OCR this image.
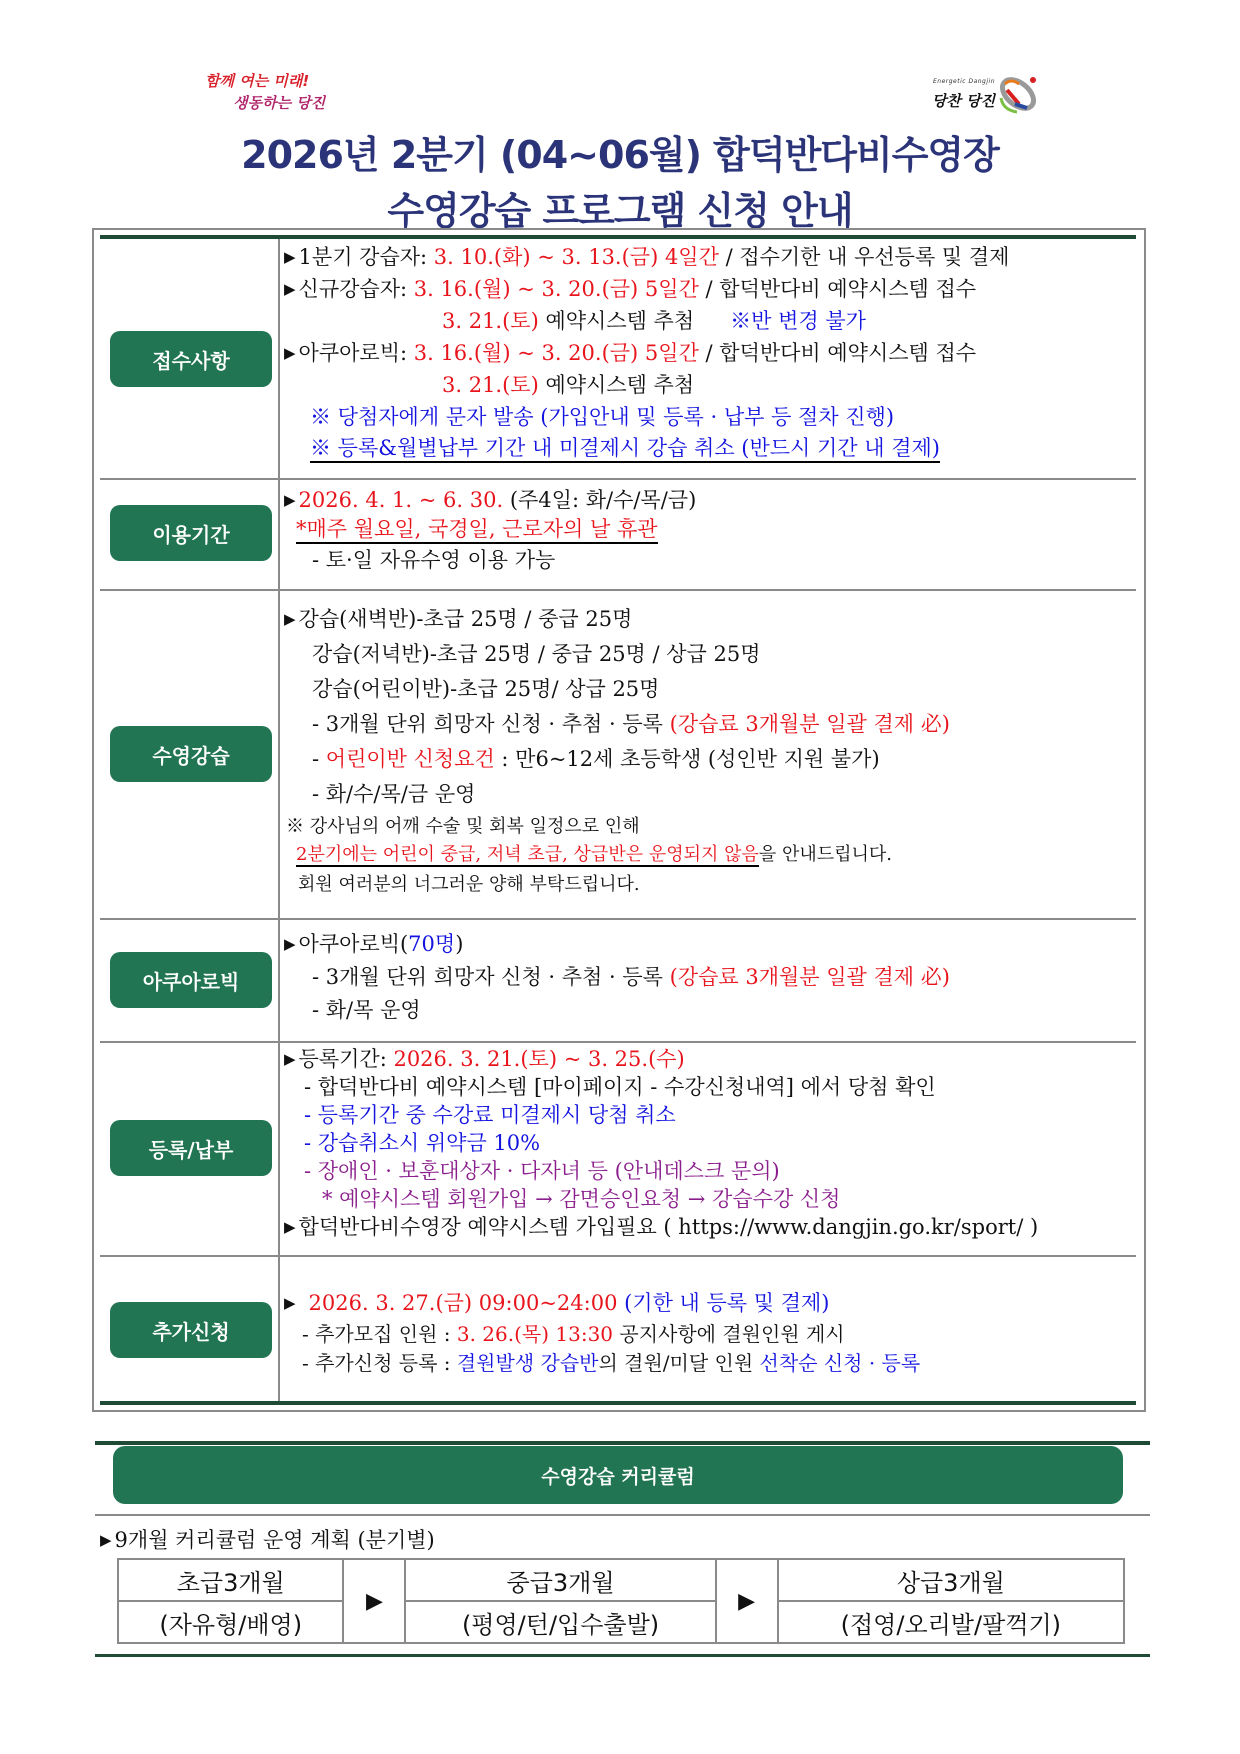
함께 여는 미래!
생동하는 당진
Energetic Dangjin
당찬 당진
2026년 2분기 (04~06월) 합덕반다비수영장
수영강습 프로그램 신청 안내
접수사항
▶ 1분기 강습자: 3. 10.(화) ~ 3. 13.(금) 4일간 / 접수기한 내 우선등록 및 결제
▶ 신규강습자: 3. 16.(월) ~ 3. 20.(금) 5일간 / 합덕반다비 예약시스템 접수
3. 21.(토) 예약시스템 추첨 ※반 변경 불가
▶ 아쿠아로빅: 3. 16.(월) ~ 3. 20.(금) 5일간 / 합덕반다비 예약시스템 접수
3. 21.(토) 예약시스템 추첨
※ 당첨자에게 문자 발송 (가입안내 및 등록 · 납부 등 절차 진행)
※ 등록&월별납부 기간 내 미결제시 강습 취소 (반드시 기간 내 결제)
이용기간
▶ 2026. 4. 1. ~ 6. 30. (주4일: 화/수/목/금)
*매주 월요일, 국경일, 근로자의 날 휴관
- 토·일 자유수영 이용 가능
수영강습
▶ 강습(새벽반)-초급 25명 / 중급 25명
강습(저녁반)-초급 25명 / 중급 25명 / 상급 25명
강습(어린이반)-초급 25명/ 상급 25명
- 3개월 단위 희망자 신청 · 추첨 · 등록 (강습료 3개월분 일괄 결제 必)
- 어린이반 신청요건 : 만6~12세 초등학생 (성인반 지원 불가)
- 화/수/목/금 운영
※ 강사님의 어깨 수술 및 회복 일정으로 인해
2분기에는 어린이 중급, 저녁 초급, 상급반은 운영되지 않음을 안내드립니다.
회원 여러분의 너그러운 양해 부탁드립니다.
아쿠아로빅
▶ 아쿠아로빅(70명)
- 3개월 단위 희망자 신청 · 추첨 · 등록 (강습료 3개월분 일괄 결제 必)
- 화/목 운영
등록/납부
▶ 등록기간: 2026. 3. 21.(토) ~ 3. 25.(수)
- 합덕반다비 예약시스템 [마이페이지 - 수강신청내역] 에서 당첨 확인
- 등록기간 중 수강료 미결제시 당첨 취소
- 강습취소시 위약금 10%
- 장애인 · 보훈대상자 · 다자녀 등 (안내데스크 문의)
* 예약시스템 회원가입 → 감면승인요청 → 강습수강 신청
▶ 합덕반다비수영장 예약시스템 가입필요 ( https://www.dangjin.go.kr/sport/ )
추가신청
▶ 2026. 3. 27.(금) 09:00~24:00 (기한 내 등록 및 결제)
- 추가모집 인원 : 3. 26.(목) 13:30 공지사항에 결원인원 게시
- 추가신청 등록 : 결원발생 강습반의 결원/미달 인원 선착순 신청 · 등록
수영강습 커리큘럼
▶ 9개월 커리큘럼 운영 계획 (분기별)
초급3개월	▶	중급3개월	▶	상급3개월
(자유형/배영)		(평영/턴/입수출발)		(접영/오리발/팔꺽기)
